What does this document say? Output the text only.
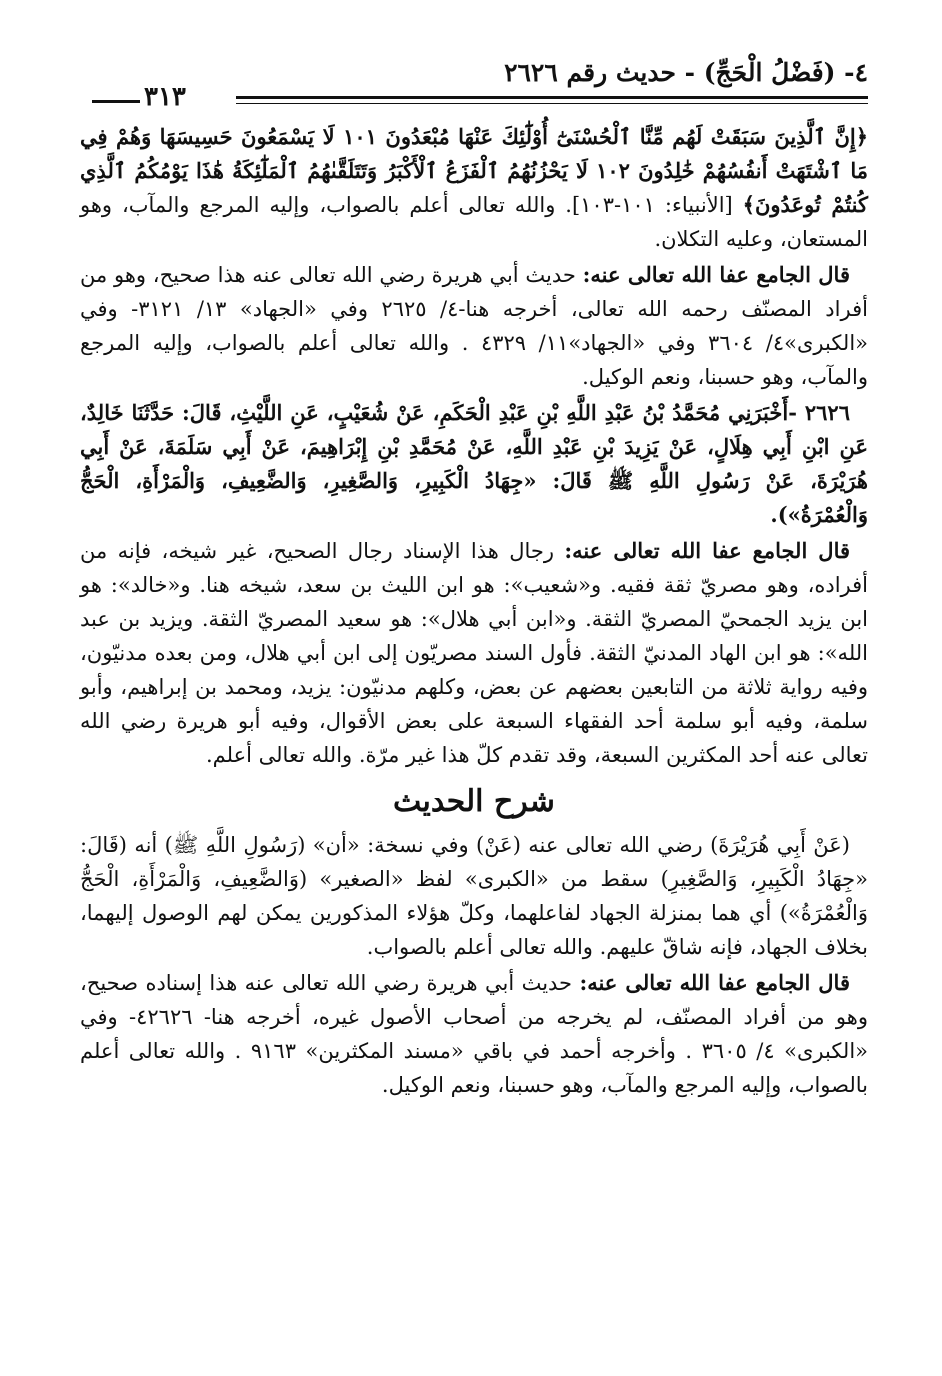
٤- (فَضْلُ الْحَجِّ) - حديث رقم ٢٦٢٦
٣١٣

﴿إِنَّ ٱلَّذِينَ سَبَقَتْ لَهُم مِّنَّا ٱلْحُسْنَىٰٓ أُوْلَٰٓئِكَ عَنْهَا مُبْعَدُونَ ١٠١ لَا يَسْمَعُونَ حَسِيسَهَا وَهُمْ فِي مَا ٱشْتَهَتْ أَنفُسُهُمْ خَٰلِدُونَ ١٠٢ لَا يَحْزُنُهُمُ ٱلْفَزَعُ ٱلْأَكْبَرُ وَتَتَلَقَّىٰهُمُ ٱلْمَلَٰٓئِكَةُ هَٰذَا يَوْمُكُمُ ٱلَّذِي كُنتُمْ تُوعَدُونَ﴾ [الأنبياء: ١٠١-١٠٣]. والله تعالى أعلم بالصواب، وإليه المرجع والمآب، وهو المستعان، وعليه التكلان.

قال الجامع عفا الله تعالى عنه: حديث أبي هريرة رضي الله تعالى عنه هذا صحيح، وهو من أفراد المصنّف رحمه الله تعالى، أخرجه هنا-٤/ ٢٦٢٥ وفي «الجهاد» ١٣/ ٣١٢١- وفي «الكبرى»٤/ ٣٦٠٤ وفي «الجهاد»١١/ ٤٣٢٩ . والله تعالى أعلم بالصواب، وإليه المرجع والمآب، وهو حسبنا، ونعم الوكيل.

٢٦٢٦ -أَخْبَرَنِي مُحَمَّدُ بْنُ عَبْدِ اللَّهِ بْنِ عَبْدِ الْحَكَمِ، عَنْ شُعَيْبٍ، عَنِ اللَّيْثِ، قَالَ: حَدَّثَنَا خَالِدٌ، عَنِ ابْنِ أَبِي هِلَالٍ، عَنْ يَزِيدَ بْنِ عَبْدِ اللَّهِ، عَنْ مُحَمَّدِ بْنِ إِبْرَاهِيمَ، عَنْ أَبِي سَلَمَةَ، عَنْ أَبِي هُرَيْرَةَ، عَنْ رَسُولِ اللَّهِ ﷺ قَالَ: «جِهَادُ الْكَبِيرِ، وَالصَّغِيرِ، وَالضَّعِيفِ، وَالْمَرْأَةِ، الْحَجُّ وَالْعُمْرَةُ»).

قال الجامع عفا الله تعالى عنه: رجال هذا الإسناد رجال الصحيح، غير شيخه، فإنه من أفراده، وهو مصريّ ثقة فقيه. و«شعيب»: هو ابن الليث بن سعد، شيخه هنا. و«خالد»: هو ابن يزيد الجمحيّ المصريّ الثقة. و«ابن أبي هلال»: هو سعيد المصريّ الثقة. ويزيد بن عبد الله»: هو ابن الهاد المدنيّ الثقة. فأول السند مصريّون إلى ابن أبي هلال، ومن بعده مدنيّون، وفيه رواية ثلاثة من التابعين بعضهم عن بعض، وكلهم مدنيّون: يزيد، ومحمد بن إبراهيم، وأبو سلمة، وفيه أبو سلمة أحد الفقهاء السبعة على بعض الأقوال، وفيه أبو هريرة رضي الله تعالى عنه أحد المكثرين السبعة، وقد تقدم كلّ هذا غير مرّة. والله تعالى أعلم.

شرح الحديث

(عَنْ أَبِي هُرَيْرَةَ) رضي الله تعالى عنه (عَنْ) وفي نسخة: «أن» (رَسُولِ اللَّهِ ﷺ) أنه (قَالَ: «جِهَادُ الْكَبِيرِ، وَالصَّغِيرِ) سقط من «الكبرى» لفظ «الصغير» (وَالضَّعِيفِ، وَالْمَرْأَةِ، الْحَجُّ وَالْعُمْرَةُ») أي هما بمنزلة الجهاد لفاعلهما، وكلّ هؤلاء المذكورين يمكن لهم الوصول إليهما، بخلاف الجهاد، فإنه شاقّ عليهم. والله تعالى أعلم بالصواب.

قال الجامع عفا الله تعالى عنه: حديث أبي هريرة رضي الله تعالى عنه هذا إسناده صحيح، وهو من أفراد المصنّف، لم يخرجه من أصحاب الأصول غيره، أخرجه هنا- ٤٢٦٢٦- وفي «الكبرى» ٤/ ٣٦٠٥ . وأخرجه أحمد في باقي «مسند المكثرين» ٩١٦٣ . والله تعالى أعلم بالصواب، وإليه المرجع والمآب، وهو حسبنا، ونعم الوكيل.
